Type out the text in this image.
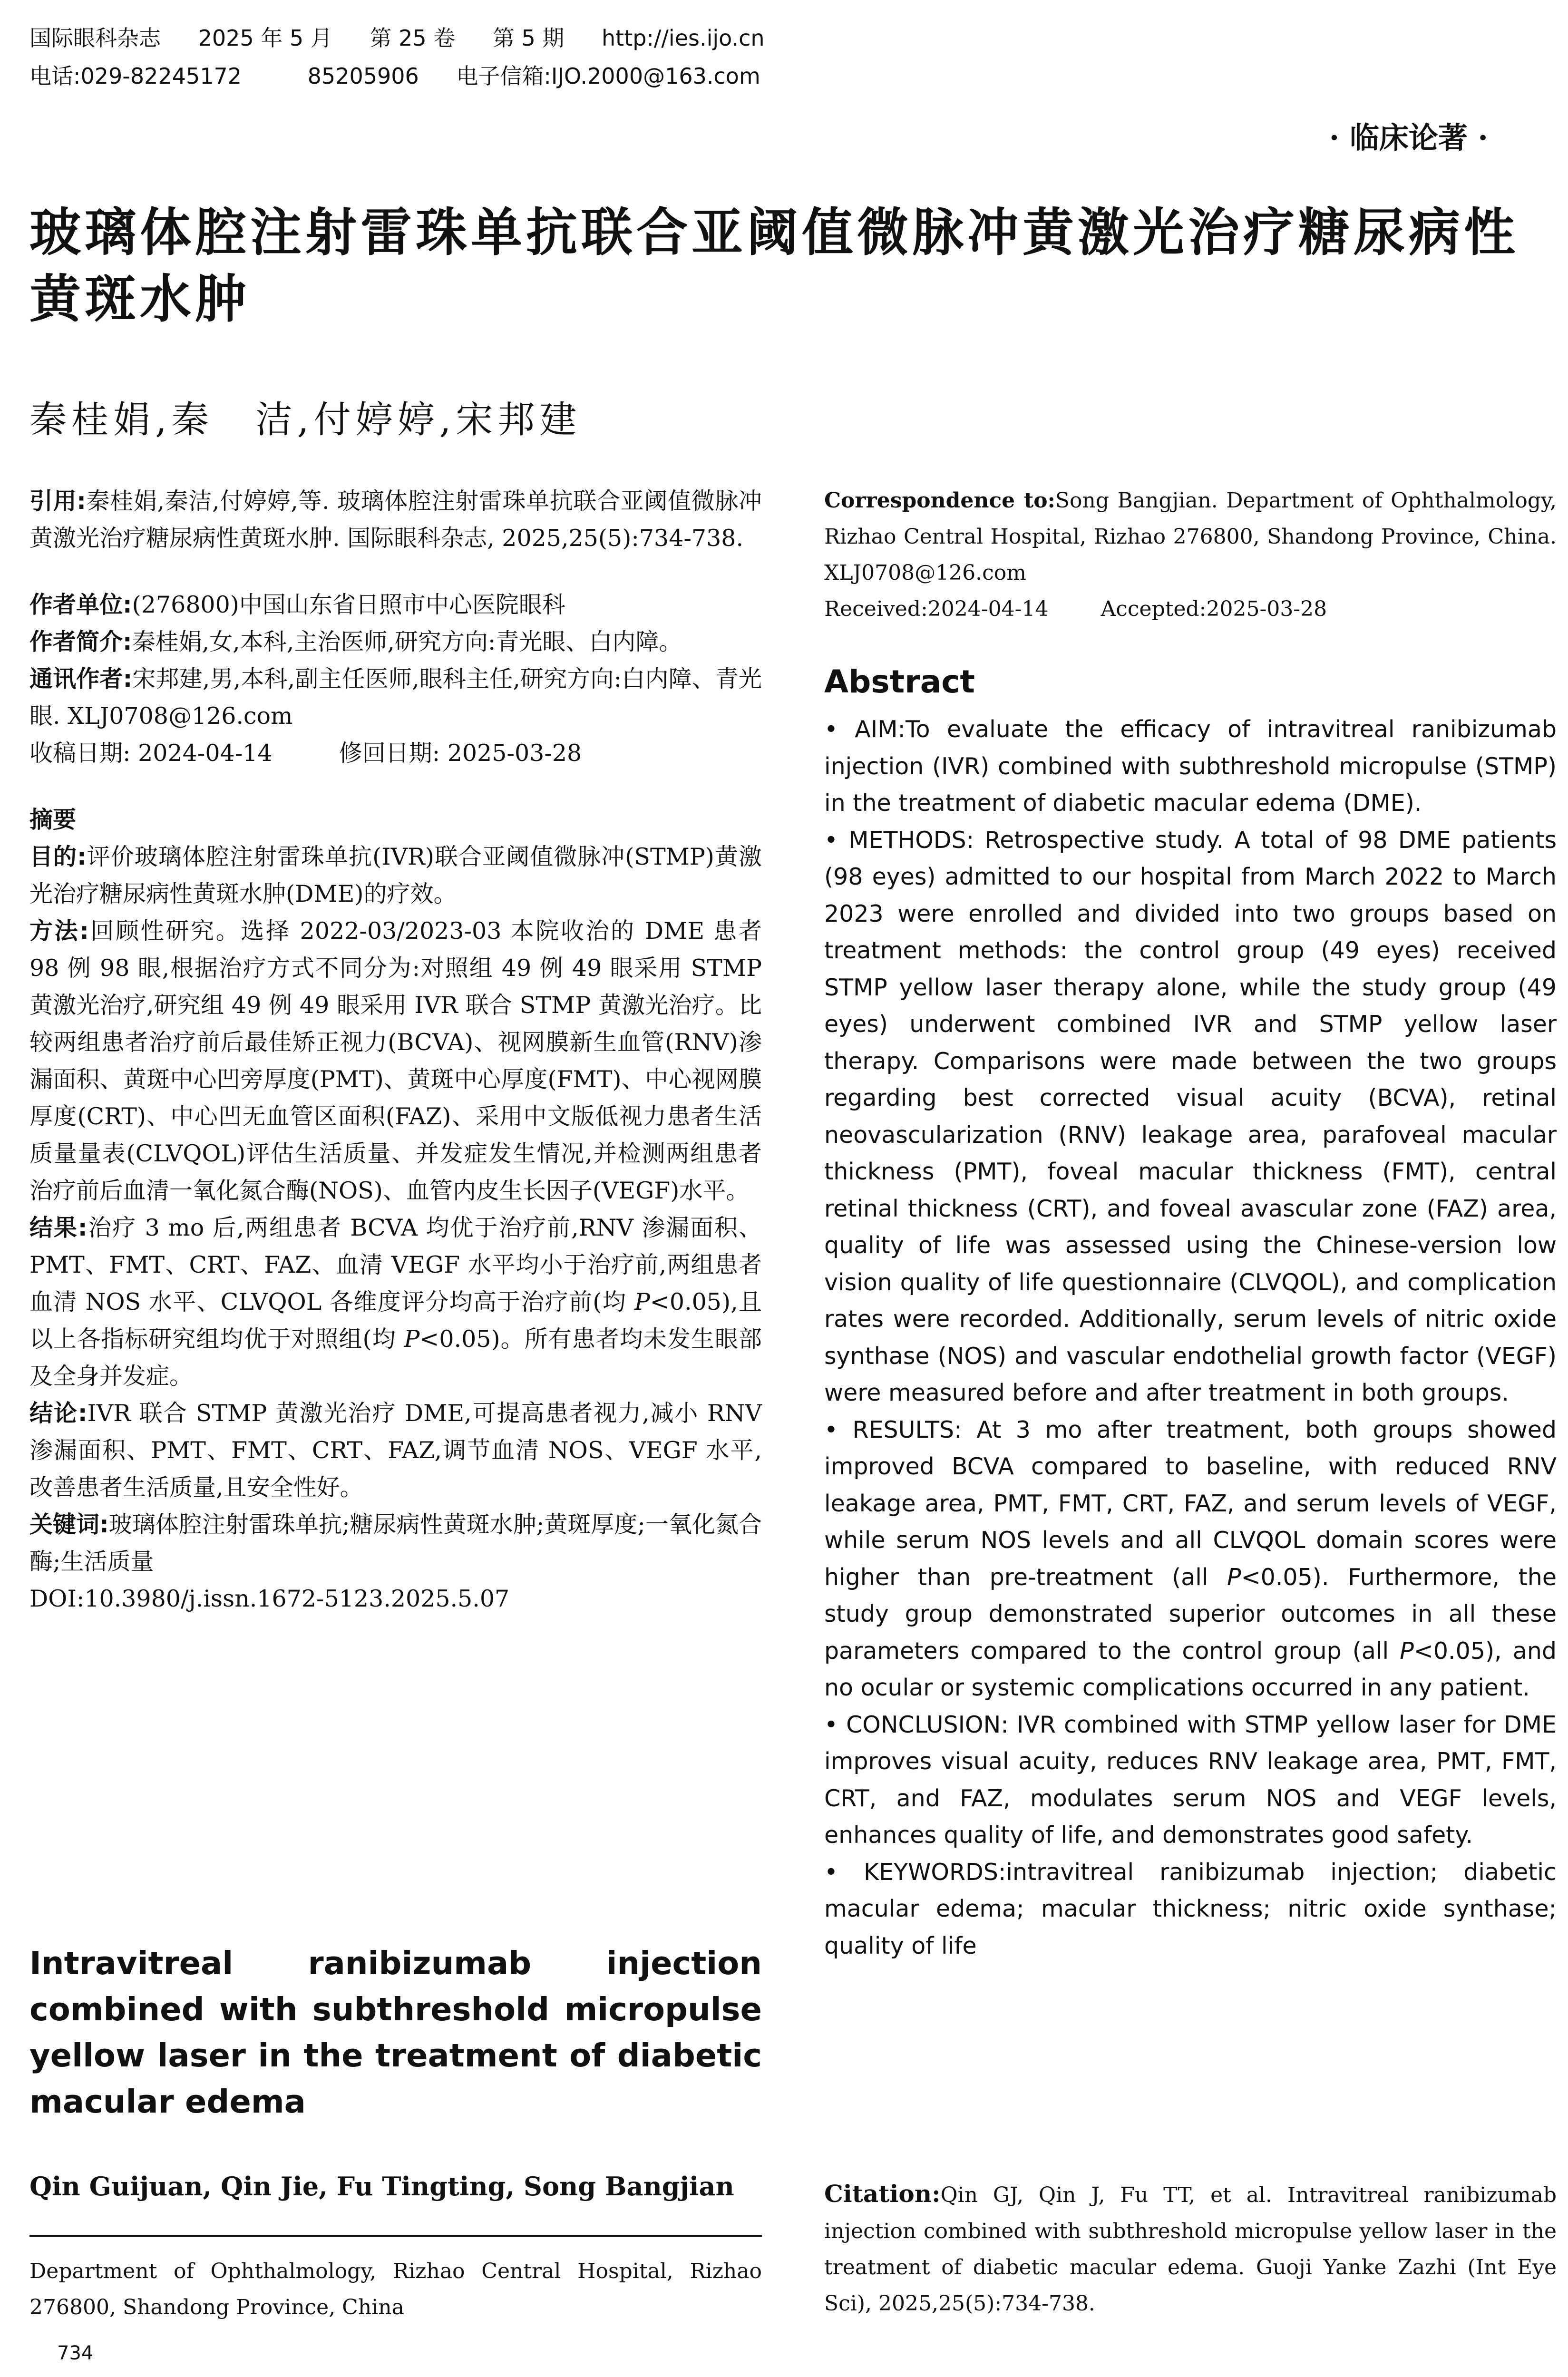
国际眼科杂志 2025 年 5 月 第 25 卷 第 5 期 http://ies.ijo.cn
电话:029-82245172	85205906 电子信箱:IJO.2000@163.com
· 临床论著 ·
玻璃体腔注射雷珠单抗联合亚阈值微脉冲黄激光治疗糖尿病性黄斑水肿
秦桂娟,秦　洁,付婷婷,宋邦建

引用:秦桂娟,秦洁,付婷婷,等. 玻璃体腔注射雷珠单抗联合亚阈值微脉冲黄激光治疗糖尿病性黄斑水肿. 国际眼科杂志, 2025,25(5):734-738.

作者单位:(276800)中国山东省日照市中心医院眼科

作者简介:秦桂娟,女,本科,主治医师,研究方向:青光眼、白内障。

通讯作者:宋邦建,男,本科,副主任医师,眼科主任,研究方向:白内障、青光眼. XLJ0708@126.com

收稿日期: 2024-04-14	修回日期: 2025-03-28

摘要

目的:评价玻璃体腔注射雷珠单抗(IVR)联合亚阈值微脉冲(STMP)黄激光治疗糖尿病性黄斑水肿(DME)的疗效。

方法:回顾性研究。选择 2022-03/2023-03 本院收治的 DME 患者 98 例 98 眼,根据治疗方式不同分为:对照组 49 例 49 眼采用 STMP 黄激光治疗,研究组 49 例 49 眼采用 IVR 联合 STMP 黄激光治疗。比较两组患者治疗前后最佳矫正视力(BCVA)、视网膜新生血管(RNV)渗漏面积、黄斑中心凹旁厚度(PMT)、黄斑中心厚度(FMT)、中心视网膜厚度(CRT)、中心凹无血管区面积(FAZ)、采用中文版低视力患者生活质量量表(CLVQOL)评估生活质量、并发症发生情况,并检测两组患者治疗前后血清一氧化氮合酶(NOS)、血管内皮生长因子(VEGF)水平。

结果:治疗 3 mo 后,两组患者 BCVA 均优于治疗前,RNV 渗漏面积、PMT、FMT、CRT、FAZ、血清 VEGF 水平均小于治疗前,两组患者血清 NOS 水平、CLVQOL 各维度评分均高于治疗前(均 P<0.05),且以上各指标研究组均优于对照组(均 P<0.05)。所有患者均未发生眼部及全身并发症。

结论:IVR 联合 STMP 黄激光治疗 DME,可提高患者视力,减小 RNV 渗漏面积、PMT、FMT、CRT、FAZ,调节血清 NOS、VEGF 水平,改善患者生活质量,且安全性好。

关键词:玻璃体腔注射雷珠单抗;糖尿病性黄斑水肿;黄斑厚度;一氧化氮合酶;生活质量

DOI:10.3980/j.issn.1672-5123.2025.5.07

Intravitreal ranibizumab injection combined with subthreshold micropulse yellow laser in the treatment of diabetic macular edema
Qin Guijuan, Qin Jie, Fu Tingting, Song Bangjian
Department of Ophthalmology, Rizhao Central Hospital, Rizhao 276800, Shandong Province, China
734

Correspondence to:Song Bangjian. Department of Ophthalmology, Rizhao Central Hospital, Rizhao 276800, Shandong Province, China. XLJ0708@126.com

Received:2024-04-14	Accepted:2025-03-28

Abstract

• AIM:To evaluate the efficacy of intravitreal ranibizumab injection (IVR) combined with subthreshold micropulse (STMP) in the treatment of diabetic macular edema (DME).

• METHODS: Retrospective study. A total of 98 DME patients (98 eyes) admitted to our hospital from March 2022 to March 2023 were enrolled and divided into two groups based on treatment methods: the control group (49 eyes) received STMP yellow laser therapy alone, while the study group (49 eyes) underwent combined IVR and STMP yellow laser therapy. Comparisons were made between the two groups regarding best corrected visual acuity (BCVA), retinal neovascularization (RNV) leakage area, parafoveal macular thickness (PMT), foveal macular thickness (FMT), central retinal thickness (CRT), and foveal avascular zone (FAZ) area, quality of life was assessed using the Chinese-version low vision quality of life questionnaire (CLVQOL), and complication rates were recorded. Additionally, serum levels of nitric oxide synthase (NOS) and vascular endothelial growth factor (VEGF) were measured before and after treatment in both groups.

• RESULTS: At 3 mo after treatment, both groups showed improved BCVA compared to baseline, with reduced RNV leakage area, PMT, FMT, CRT, FAZ, and serum levels of VEGF, while serum NOS levels and all CLVQOL domain scores were higher than pre-treatment (all P<0.05). Furthermore, the study group demonstrated superior outcomes in all these parameters compared to the control group (all P<0.05), and no ocular or systemic complications occurred in any patient.

• CONCLUSION: IVR combined with STMP yellow laser for DME improves visual acuity, reduces RNV leakage area, PMT, FMT, CRT, and FAZ, modulates serum NOS and VEGF levels, enhances quality of life, and demonstrates good safety.

• KEYWORDS:intravitreal ranibizumab injection; diabetic macular edema; macular thickness; nitric oxide synthase; quality of life

Citation:Qin GJ, Qin J, Fu TT, et al. Intravitreal ranibizumab injection combined with subthreshold micropulse yellow laser in the treatment of diabetic macular edema. Guoji Yanke Zazhi (Int Eye Sci), 2025,25(5):734-738.
